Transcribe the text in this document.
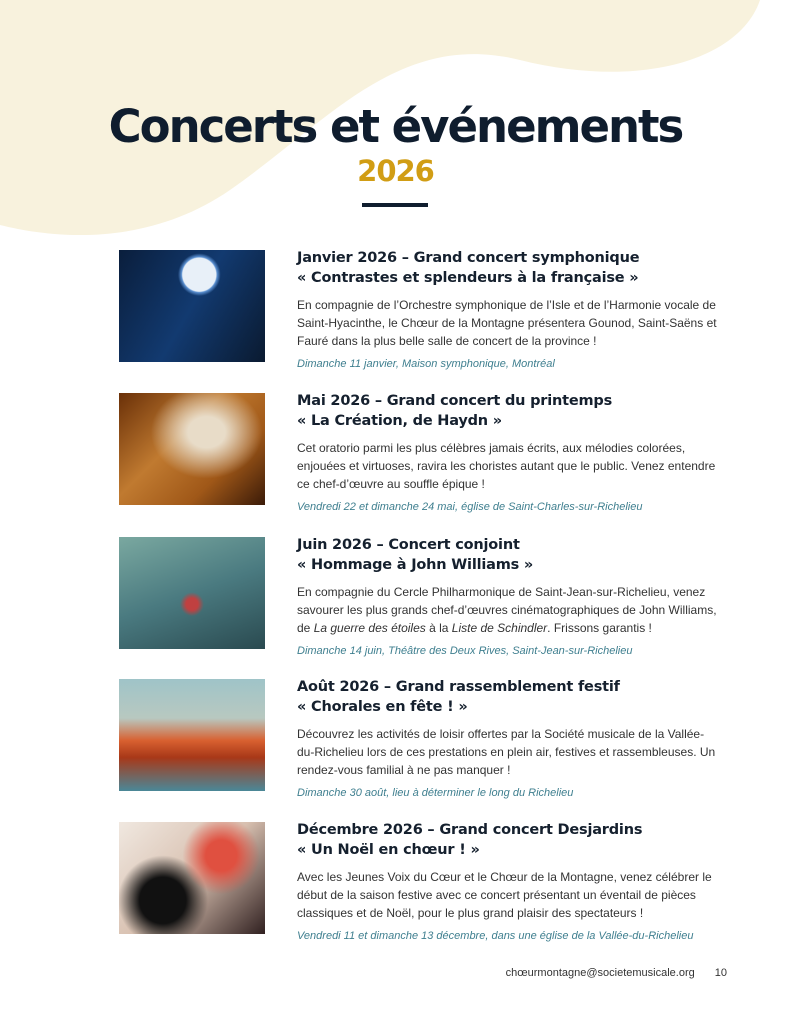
Concerts et événements
2026
Janvier 2026 – Grand concert symphonique
« Contrastes et splendeurs à la française »
En compagnie de l’Orchestre symphonique de l’Isle et de l’Harmonie vocale de Saint-Hyacinthe, le Chœur de la Montagne présentera Gounod, Saint-Saëns et Fauré dans la plus belle salle de concert de la province !
Dimanche 11 janvier, Maison symphonique, Montréal
Mai 2026 – Grand concert du printemps
« La Création, de Haydn »
Cet oratorio parmi les plus célèbres jamais écrits, aux mélodies colorées, enjouées et virtuoses, ravira les choristes autant que le public. Venez entendre ce chef-d’œuvre au souffle épique !
Vendredi 22 et dimanche 24 mai, église de Saint-Charles-sur-Richelieu
Juin 2026 – Concert conjoint
« Hommage à John Williams »
En compagnie du Cercle Philharmonique de Saint-Jean-sur-Richelieu, venez savourer les plus grands chef-d’œuvres cinématographiques de John Williams, de La guerre des étoiles à la Liste de Schindler. Frissons garantis !
Dimanche 14 juin, Théâtre des Deux Rives, Saint-Jean-sur-Richelieu
Août 2026 – Grand rassemblement festif
« Chorales en fête ! »
Découvrez les activités de loisir offertes par la Société musicale de la Vallée-du-Richelieu lors de ces prestations en plein air, festives et rassembleuses. Un rendez-vous familial à ne pas manquer !
Dimanche 30 août, lieu à déterminer le long du Richelieu
Décembre 2026 – Grand concert Desjardins
« Un Noël en chœur ! »
Avec les Jeunes Voix du Cœur et le Chœur de la Montagne, venez célébrer le début de la saison festive avec ce concert présentant un éventail de pièces classiques et de Noël, pour le plus grand plaisir des spectateurs !
Vendredi 11 et dimanche 13 décembre, dans une église de la Vallée-du-Richelieu
chœurmontagne@societemusicale.org 10
